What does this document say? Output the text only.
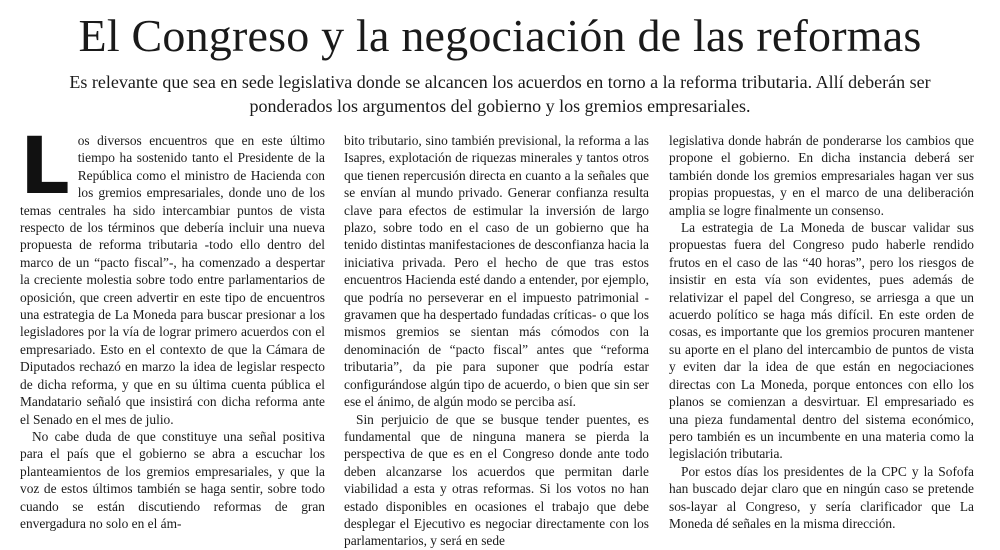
El Congreso y la negociación de las reformas

Es relevante que sea en sede legislativa donde se alcancen los acuerdos en torno a la reforma tributaria. Allí deberán ser ponderados los argumentos del gobierno y los gremios empresariales.

Los diversos encuentros que en este último tiempo ha sostenido tanto el Presidente de la República como el ministro de Hacienda con los gremios empresariales, donde uno de los temas centrales ha sido intercambiar puntos de vista respecto de los términos que debería incluir una nueva propuesta de reforma tributaria -todo ello dentro del marco de un “pacto fiscal”-, ha comenzado a despertar la creciente molestia sobre todo entre parlamentarios de oposición, que creen advertir en este tipo de encuentros una estrategia de La Moneda para buscar presionar a los legisladores por la vía de lograr primero acuerdos con el empresariado. Esto en el contexto de que la Cámara de Diputados rechazó en marzo la idea de legislar respecto de dicha reforma, y que en su última cuenta pública el Mandatario señaló que insistirá con dicha reforma ante el Senado en el mes de julio.

No cabe duda de que constituye una señal positiva para el país que el gobierno se abra a escuchar los planteamientos de los gremios empresariales, y que la voz de estos últimos también se haga sentir, sobre todo cuando se están discutiendo reformas de gran envergadura no solo en el ám-

bito tributario, sino también previsional, la reforma a las Isapres, explotación de riquezas minerales y tantos otros que tienen repercusión directa en cuanto a la señales que se envían al mundo privado. Generar confianza resulta clave para efectos de estimular la inversión de largo plazo, sobre todo en el caso de un gobierno que ha tenido distintas manifestaciones de desconfianza hacia la iniciativa privada. Pero el hecho de que tras estos encuentros Hacienda esté dando a entender, por ejemplo, que podría no perseverar en el impuesto patrimonial -gravamen que ha despertado fundadas críticas- o que los mismos gremios se sientan más cómodos con la denominación de “pacto fiscal” antes que “reforma tributaria”, da pie para suponer que podría estar configurándose algún tipo de acuerdo, o bien que sin ser ese el ánimo, de algún modo se perciba así.

Sin perjuicio de que se busque tender puentes, es fundamental que de ninguna manera se pierda la perspectiva de que es en el Congreso donde ante todo deben alcanzarse los acuerdos que permitan darle viabilidad a esta y otras reformas. Si los votos no han estado disponibles en ocasiones el trabajo que debe desplegar el Ejecutivo es negociar directamente con los parlamentarios, y será en sede

legislativa donde habrán de ponderarse los cambios que propone el gobierno. En dicha instancia deberá ser también donde los gremios empresariales hagan ver sus propias propuestas, y en el marco de una deliberación amplia se logre finalmente un consenso.

La estrategia de La Moneda de buscar validar sus propuestas fuera del Congreso pudo haberle rendido frutos en el caso de las “40 horas”, pero los riesgos de insistir en esta vía son evidentes, pues además de relativizar el papel del Congreso, se arriesga a que un acuerdo político se haga más difícil. En este orden de cosas, es importante que los gremios procuren mantener su aporte en el plano del intercambio de puntos de vista y eviten dar la idea de que están en negociaciones directas con La Moneda, porque entonces con ello los planos se comienzan a desvirtuar. El empresariado es una pieza fundamental dentro del sistema económico, pero también es un incumbente en una materia como la legislación tributaria.

Por estos días los presidentes de la CPC y la Sofofa han buscado dejar claro que en ningún caso se pretende sos-layar al Congreso, y sería clarificador que La Moneda dé señales en la misma dirección.
